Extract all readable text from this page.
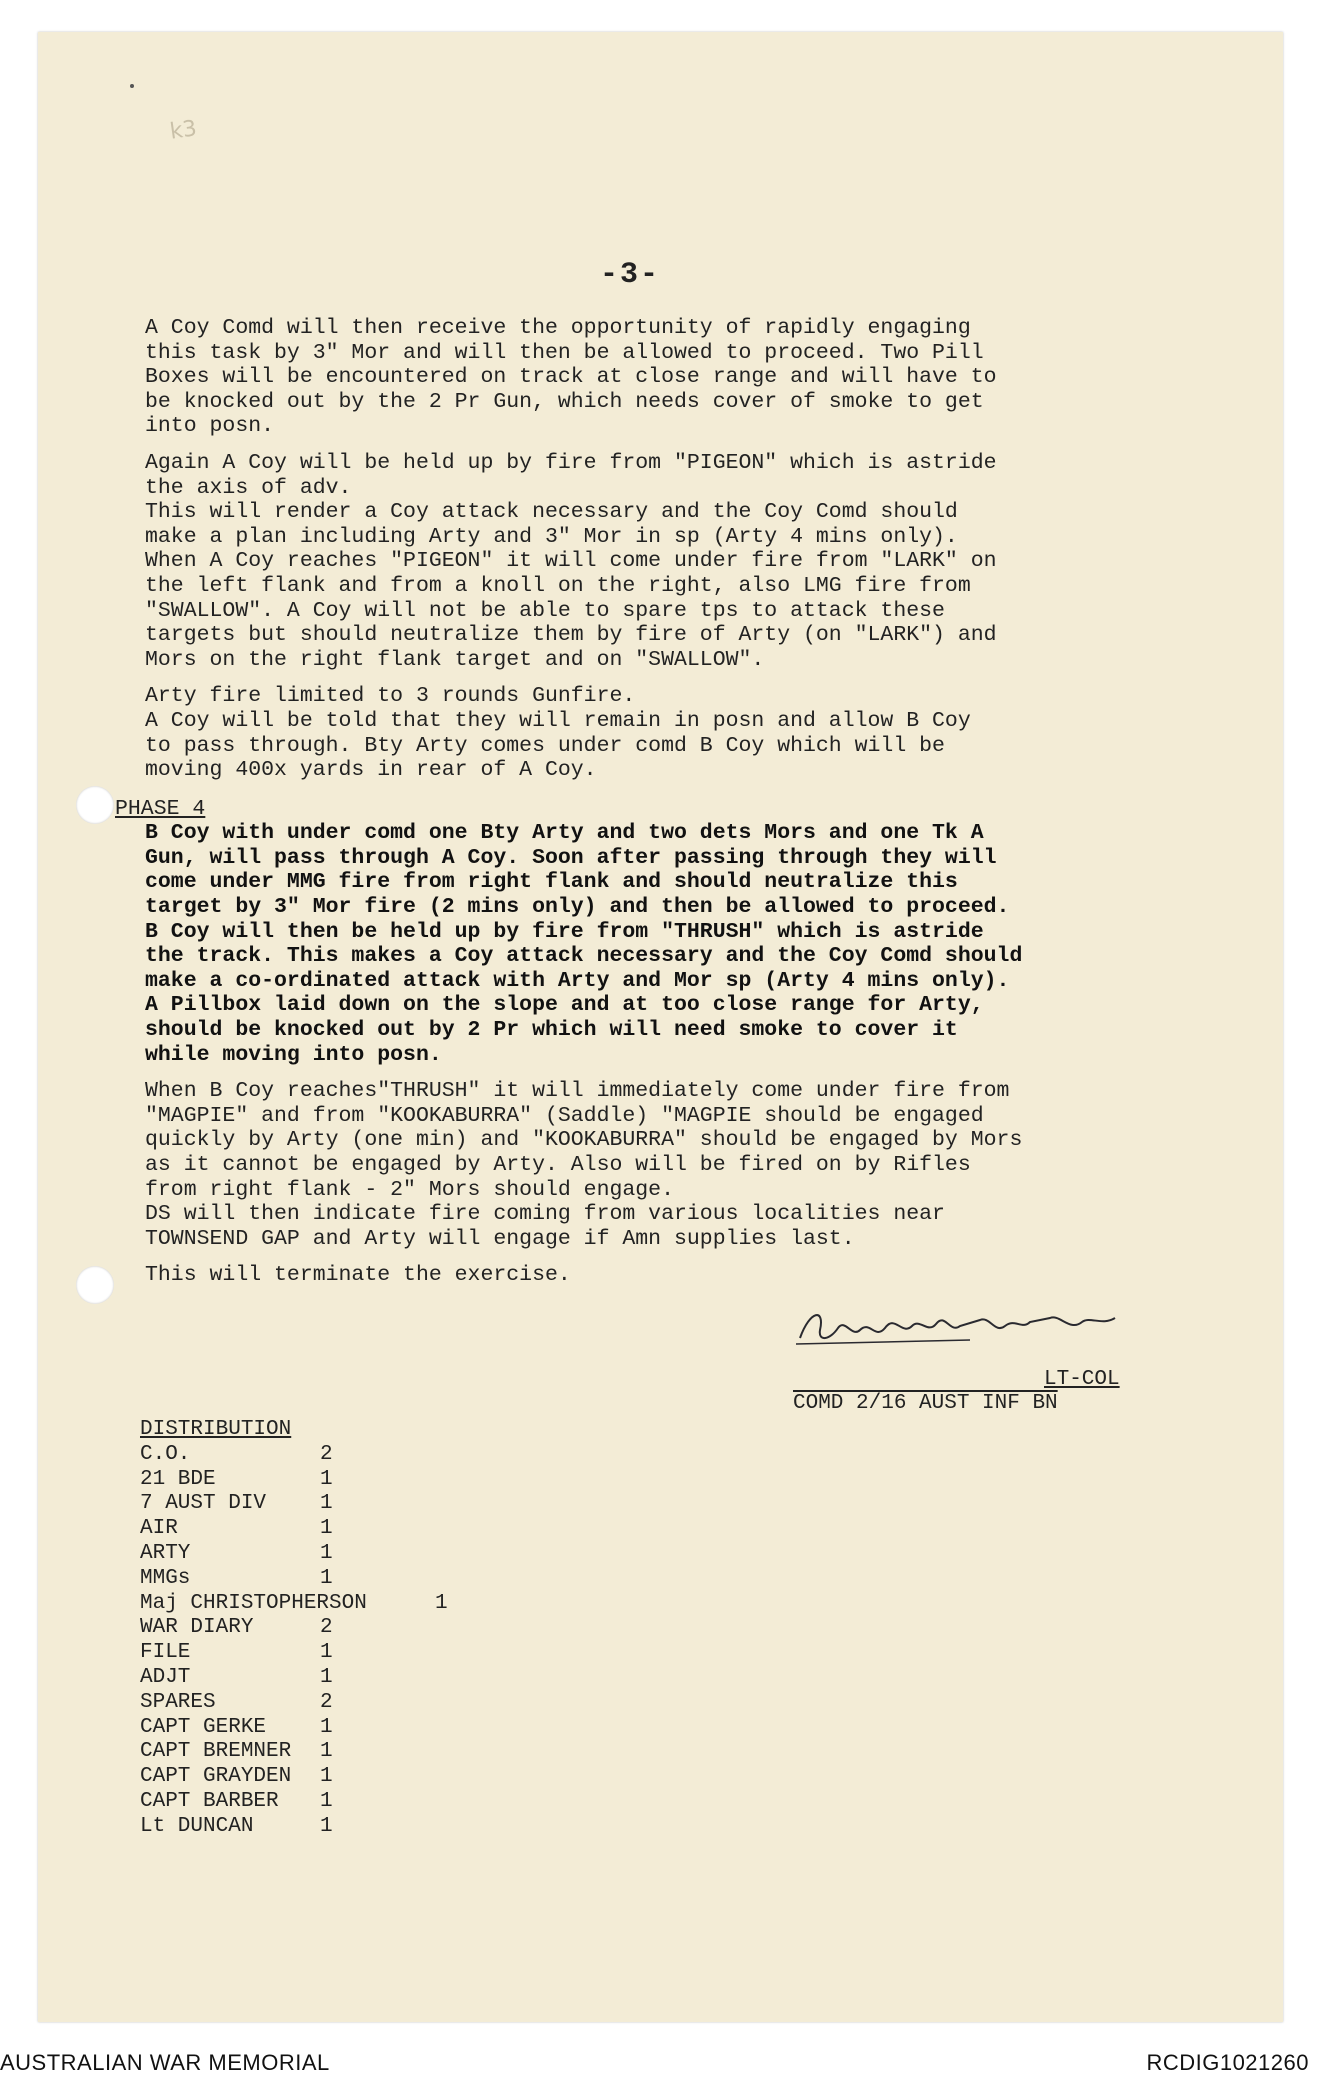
k3
-3-

A Coy Comd will then receive the opportunity of rapidly engaging
this task by 3" Mor and will then be allowed to proceed. Two Pill
Boxes will be encountered on track at close range and will have to
be knocked out by the 2 Pr Gun, which needs cover of smoke to get
into posn.

Again A Coy will be held up by fire from "PIGEON" which is astride
the axis of adv.
This will render a Coy attack necessary and the Coy Comd should
make a plan including Arty and 3" Mor in sp (Arty 4 mins only).
When A Coy reaches "PIGEON" it will come under fire from "LARK" on
the left flank and from a knoll on the right, also LMG fire from
"SWALLOW". A Coy will not be able to spare tps to attack these
targets but should neutralize them by fire of Arty (on "LARK") and
Mors on the right flank target and on "SWALLOW".

Arty fire limited to 3 rounds Gunfire.
A Coy will be told that they will remain in posn and allow B Coy
to pass through. Bty Arty comes under comd B Coy which will be
moving 400x yards in rear of A Coy.

PHASE 4

B Coy with under comd one Bty Arty and two dets Mors and one Tk A
Gun, will pass through A Coy. Soon after passing through they will
come under MMG fire from right flank and should neutralize this
target by 3" Mor fire (2 mins only) and then be allowed to proceed.
B Coy will then be held up by fire from "THRUSH" which is astride
the track. This makes a Coy attack necessary and the Coy Comd should
make a co-ordinated attack with Arty and Mor sp (Arty 4 mins only).
A Pillbox laid down on the slope and at too close range for Arty,
should be knocked out by 2 Pr which will need smoke to cover it
while moving into posn.

When B Coy reaches"THRUSH" it will immediately come under fire from
"MAGPIE" and from "KOOKABURRA" (Saddle) "MAGPIE should be engaged
quickly by Arty (one min) and "KOOKABURRA" should be engaged by Mors
as it cannot be engaged by Arty. Also will be fired on by Rifles
from right flank - 2" Mors should engage.
DS will then indicate fire coming from various localities near
TOWNSEND GAP and Arty will engage if Amn supplies last.

This will terminate the exercise.

LT-COL
COMD 2/16 AUST INF BN
DISTRIBUTION
C.O.	2
21 BDE	1
7 AUST DIV	1
AIR	1
ARTY	1
MMGs	1
Maj CHRISTOPHERSON	1
WAR DIARY	2
FILE	1
ADJT	1
SPARES	2
CAPT GERKE	1
CAPT BREMNER	1
CAPT GRAYDEN	1
CAPT BARBER	1
Lt DUNCAN	1
AUSTRALIAN WAR MEMORIAL	RCDIG1021260
